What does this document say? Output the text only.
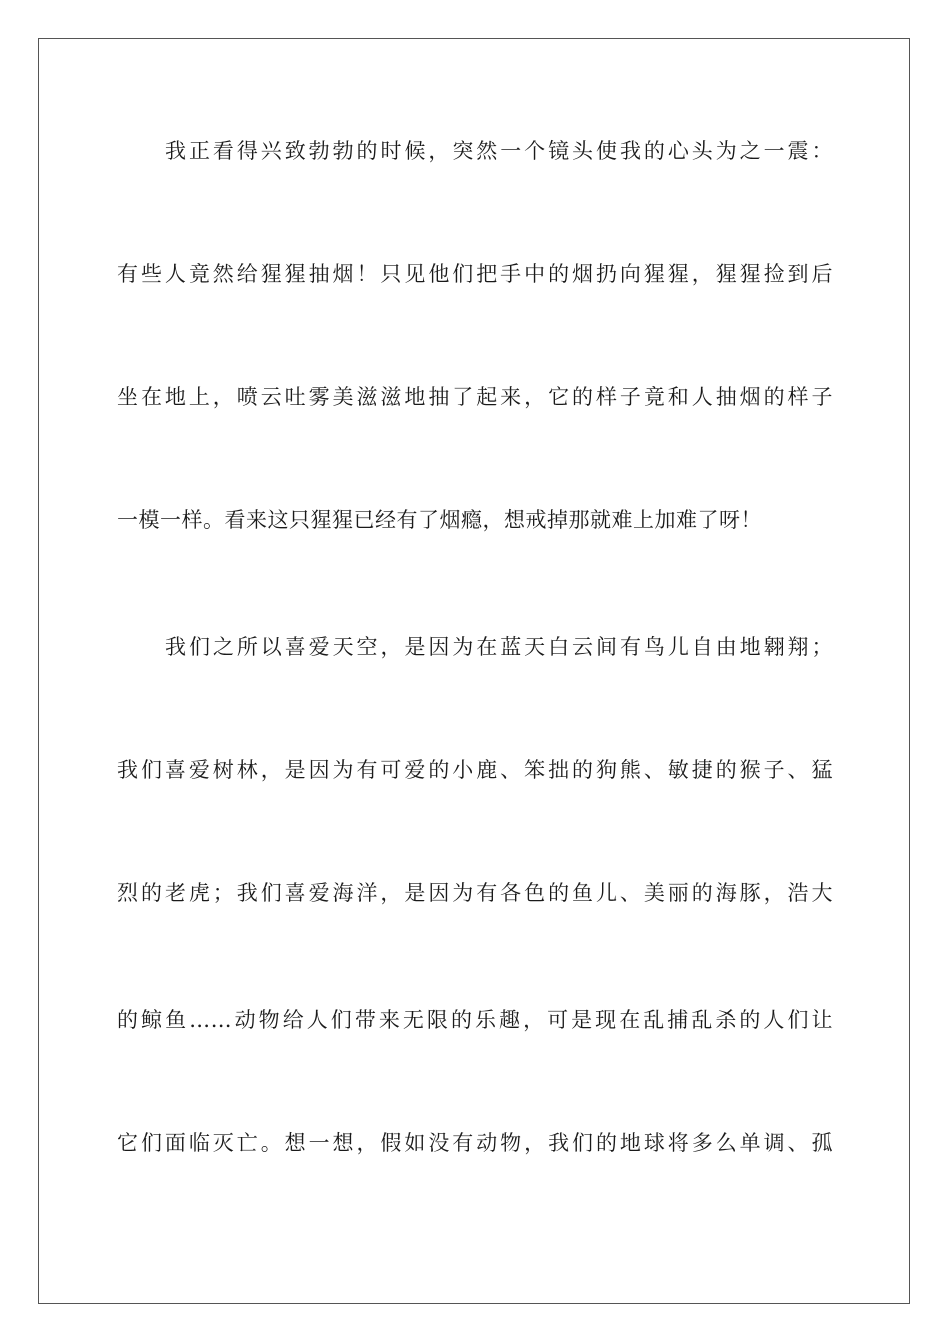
我正看得兴致勃勃的时候，突然一个镜头使我的心头为之一震：
有些人竟然给猩猩抽烟！只见他们把手中的烟扔向猩猩，猩猩捡到后
坐在地上，喷云吐雾美滋滋地抽了起来，它的样子竟和人抽烟的样子
一模一样。看来这只猩猩已经有了烟瘾，想戒掉那就难上加难了呀！
我们之所以喜爱天空，是因为在蓝天白云间有鸟儿自由地翱翔；
我们喜爱树林，是因为有可爱的小鹿、笨拙的狗熊、敏捷的猴子、猛
烈的老虎；我们喜爱海洋，是因为有各色的鱼儿、美丽的海豚，浩大
的鲸鱼……动物给人们带来无限的乐趣，可是现在乱捕乱杀的人们让
它们面临灭亡。想一想，假如没有动物，我们的地球将多么单调、孤
